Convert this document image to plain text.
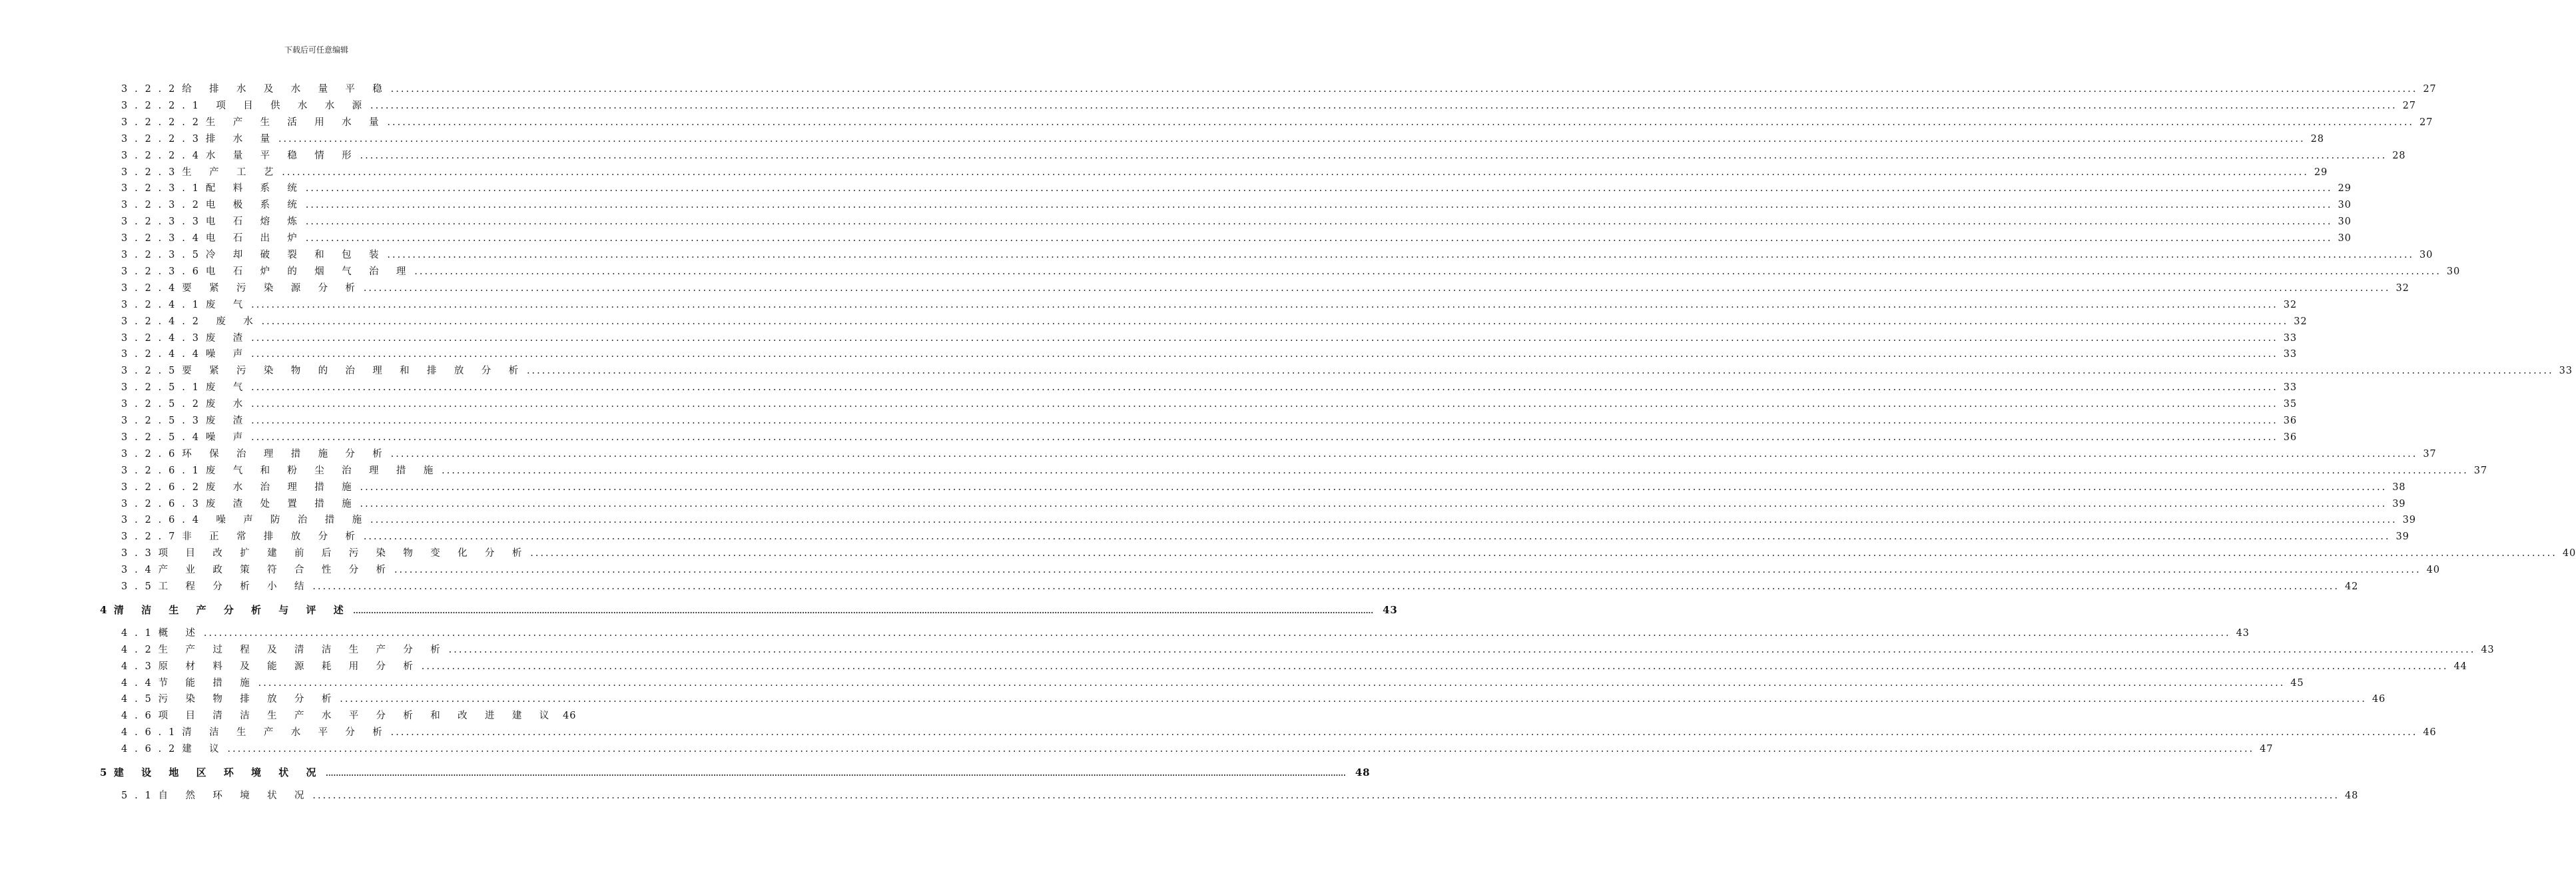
下载后可任意编辑
3.2.2给 排 水 及 水 量 平 稳 ................................................................................................................................................................................................................................................................................................................................................................................................................ 27
3.2.2.1 项 目 供 水 水 源 ................................................................................................................................................................................................................................................................................................................................................................................................................ 27
3.2.2.2生 产 生 活 用 水 量 ................................................................................................................................................................................................................................................................................................................................................................................................................ 27
3.2.2.3排 水 量 ................................................................................................................................................................................................................................................................................................................................................................................................................ 28
3.2.2.4水 量 平 稳 情 形 ................................................................................................................................................................................................................................................................................................................................................................................................................ 28
3.2.3生 产 工 艺 ................................................................................................................................................................................................................................................................................................................................................................................................................ 29
3.2.3.1配 料 系 统 ................................................................................................................................................................................................................................................................................................................................................................................................................ 29
3.2.3.2电 极 系 统 ................................................................................................................................................................................................................................................................................................................................................................................................................ 30
3.2.3.3电 石 熔 炼 ................................................................................................................................................................................................................................................................................................................................................................................................................ 30
3.2.3.4电 石 出 炉 ................................................................................................................................................................................................................................................................................................................................................................................................................ 30
3.2.3.5冷 却 破 裂 和 包 装 ................................................................................................................................................................................................................................................................................................................................................................................................................ 30
3.2.3.6电 石 炉 的 烟 气 治 理 ................................................................................................................................................................................................................................................................................................................................................................................................................ 30
3.2.4要 紧 污 染 源 分 析 ................................................................................................................................................................................................................................................................................................................................................................................................................ 32
3.2.4.1废 气 ................................................................................................................................................................................................................................................................................................................................................................................................................ 32
3.2.4.2 废 水 ................................................................................................................................................................................................................................................................................................................................................................................................................ 32
3.2.4.3废 渣 ................................................................................................................................................................................................................................................................................................................................................................................................................ 33
3.2.4.4噪 声 ................................................................................................................................................................................................................................................................................................................................................................................................................ 33
3.2.5要 紧 污 染 物 的 治 理 和 排 放 分 析 ................................................................................................................................................................................................................................................................................................................................................................................................................ 33
3.2.5.1废 气 ................................................................................................................................................................................................................................................................................................................................................................................................................ 33
3.2.5.2废 水 ................................................................................................................................................................................................................................................................................................................................................................................................................ 35
3.2.5.3废 渣 ................................................................................................................................................................................................................................................................................................................................................................................................................ 36
3.2.5.4噪 声 ................................................................................................................................................................................................................................................................................................................................................................................................................ 36
3.2.6环 保 治 理 措 施 分 析 ................................................................................................................................................................................................................................................................................................................................................................................................................ 37
3.2.6.1废 气 和 粉 尘 治 理 措 施 ................................................................................................................................................................................................................................................................................................................................................................................................................ 37
3.2.6.2废 水 治 理 措 施 ................................................................................................................................................................................................................................................................................................................................................................................................................ 38
3.2.6.3废 渣 处 置 措 施 ................................................................................................................................................................................................................................................................................................................................................................................................................ 39
3.2.6.4 噪 声 防 治 措 施 ................................................................................................................................................................................................................................................................................................................................................................................................................ 39
3.2.7非 正 常 排 放 分 析 ................................................................................................................................................................................................................................................................................................................................................................................................................ 39
3.3项 目 改 扩 建 前 后 污 染 物 变 化 分 析 ................................................................................................................................................................................................................................................................................................................................................................................................................ 40
3.4产 业 政 策 符 合 性 分 析 ................................................................................................................................................................................................................................................................................................................................................................................................................ 40
3.5工 程 分 析 小 结 ................................................................................................................................................................................................................................................................................................................................................................................................................ 42
4清 洁 生 产 分 析 与 评 述 ................................................................................................................................................................................................................................................................................................................................................................................................................ 43
4.1概 述 ................................................................................................................................................................................................................................................................................................................................................................................................................ 43
4.2生 产 过 程 及 清 洁 生 产 分 析 ................................................................................................................................................................................................................................................................................................................................................................................................................ 43
4.3原 材 料 及 能 源 耗 用 分 析 ................................................................................................................................................................................................................................................................................................................................................................................................................ 44
4.4节 能 措 施 ................................................................................................................................................................................................................................................................................................................................................................................................................ 45
4.5污 染 物 排 放 分 析 ................................................................................................................................................................................................................................................................................................................................................................................................................ 46
4.6项 目 清 洁 生 产 水 平 分 析 和 改 进 建 议 46
4.6.1清 洁 生 产 水 平 分 析 ................................................................................................................................................................................................................................................................................................................................................................................................................ 46
4.6.2建 议 ................................................................................................................................................................................................................................................................................................................................................................................................................ 47
5建 设 地 区 环 境 状 况 ................................................................................................................................................................................................................................................................................................................................................................................................................ 48
5.1自 然 环 境 状 况 ................................................................................................................................................................................................................................................................................................................................................................................................................ 48
